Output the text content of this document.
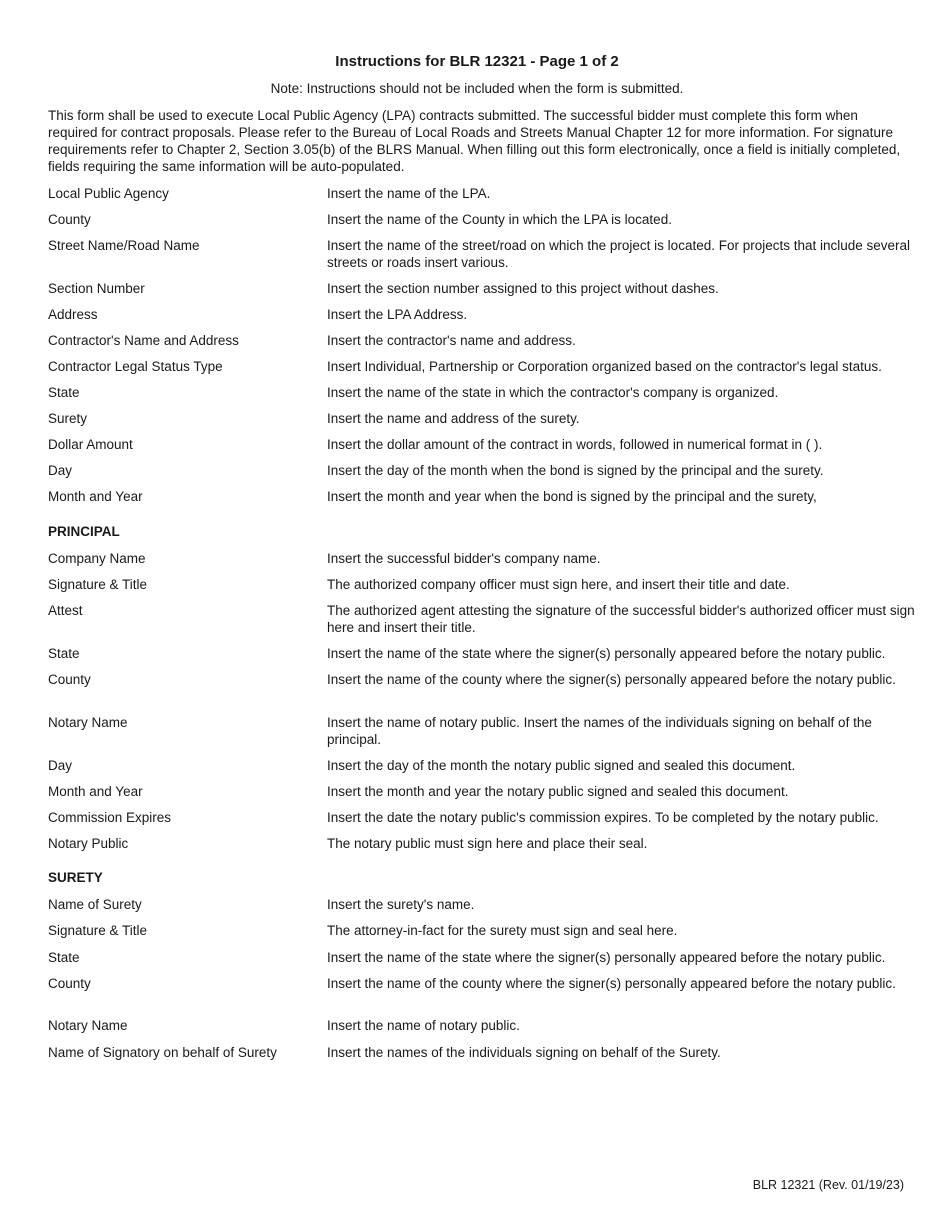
Instructions for BLR 12321 - Page 1 of 2
Note: Instructions should not be included when the form is submitted.
This form shall be used to execute Local Public Agency (LPA) contracts submitted. The successful bidder must complete this form when required for contract proposals. Please refer to the Bureau of Local Roads and Streets Manual Chapter 12 for more information. For signature requirements refer to Chapter 2, Section 3.05(b) of the BLRS Manual. When filling out this form electronically, once a field is initially completed, fields requiring the same information will be auto-populated.
Local Public Agency	Insert the name of the LPA.
County	Insert the name of the County in which the LPA is located.
Street Name/Road Name	Insert the name of the street/road on which the project is located. For projects that include several streets or roads insert various.
Section Number	Insert the section number assigned to this project without dashes.
Address	Insert the LPA Address.
Contractor's Name and Address	Insert the contractor's name and address.
Contractor Legal Status Type	Insert Individual, Partnership or Corporation organized based on the contractor's legal status.
State	Insert the name of the state in which the contractor's company is organized.
Surety	Insert the name and address of the surety.
Dollar Amount	Insert the dollar amount of the contract in words, followed in numerical format in ( ).
Day	Insert the day of the month when the bond is signed by the principal and the surety.
Month and Year	Insert the month and year when the bond is signed by the principal and the surety,
PRINCIPAL
Company Name	Insert the successful bidder's company name.
Signature & Title	The authorized company officer must sign here, and insert their title and date.
Attest	The authorized agent attesting the signature of the successful bidder's authorized officer must sign here and insert their title.
State	Insert the name of the state where the signer(s) personally appeared before the notary public.
County	Insert the name of the county where the signer(s) personally appeared before the notary public.
Notary Name	Insert the name of notary public. Insert the names of the individuals signing on behalf of the principal.
Day	Insert the day of the month the notary public signed and sealed this document.
Month and Year	Insert the month and year the notary public signed and sealed this document.
Commission Expires	Insert the date the notary public's commission expires. To be completed by the notary public.
Notary Public	The notary public must sign here and place their seal.
SURETY
Name of Surety	Insert the surety's name.
Signature & Title	The attorney-in-fact for the surety must sign and seal here.
State	Insert the name of the state where the signer(s) personally appeared before the notary public.
County	Insert the name of the county where the signer(s) personally appeared before the notary public.
Notary Name	Insert the name of notary public.
Name of Signatory on behalf of Surety	Insert the names of the individuals signing on behalf of the Surety.
BLR 12321 (Rev. 01/19/23)
